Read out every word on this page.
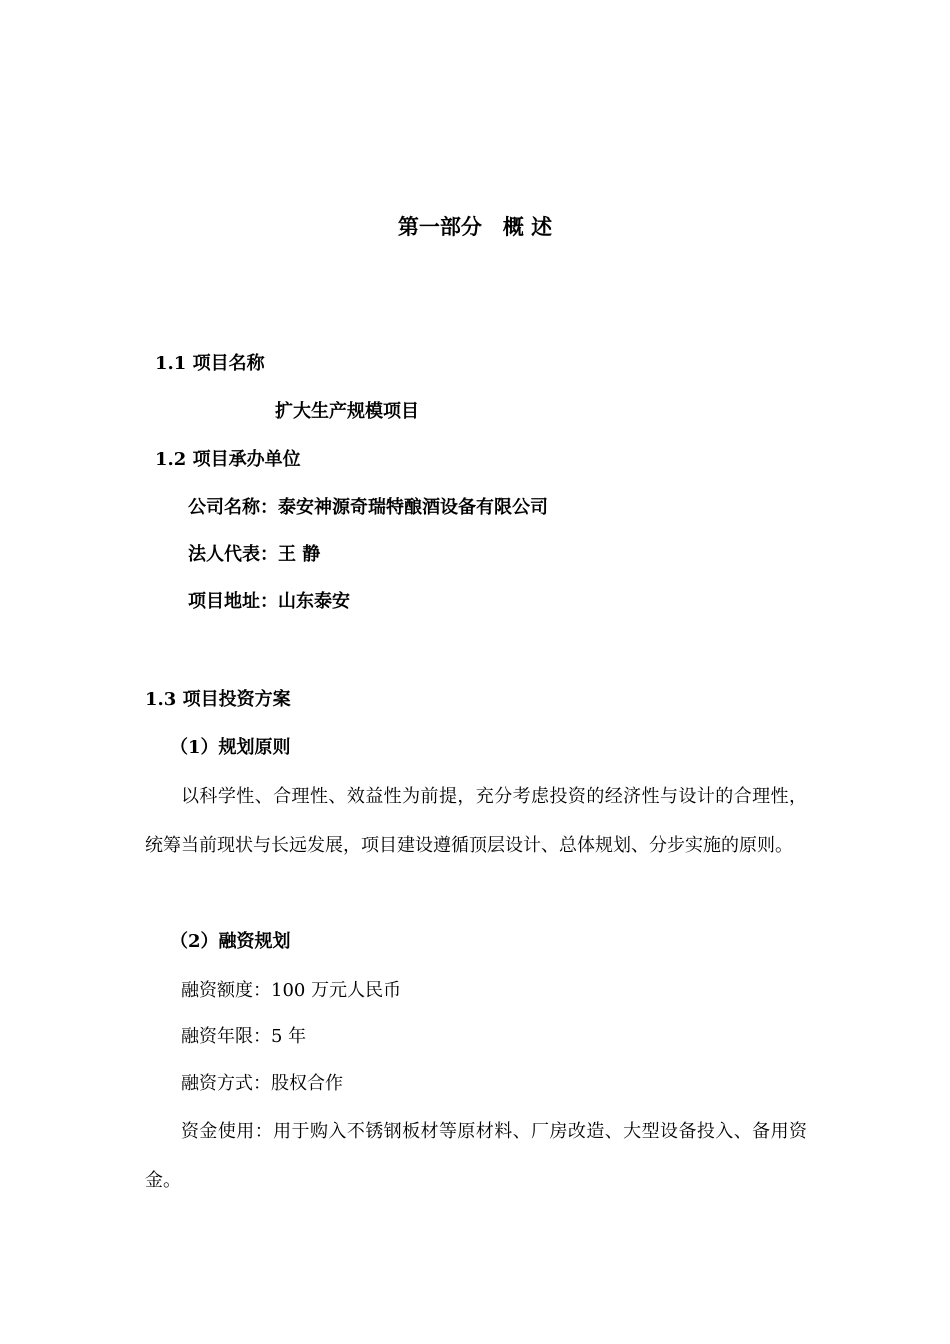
第一部分　概 述
1.1 项目名称
扩大生产规模项目
1.2 项目承办单位
公司名称：泰安神源奇瑞特酿酒设备有限公司
法人代表：王 静
项目地址：山东泰安
1.3 项目投资方案
（1）规划原则
以科学性、合理性、效益性为前提，充分考虑投资的经济性与设计的合理性，统筹当前现状与长远发展，项目建设遵循顶层设计、总体规划、分步实施的原则。
（2）融资规划
融资额度：100 万元人民币
融资年限：5 年
融资方式：股权合作
资金使用：用于购入不锈钢板材等原材料、厂房改造、大型设备投入、备用资金。
